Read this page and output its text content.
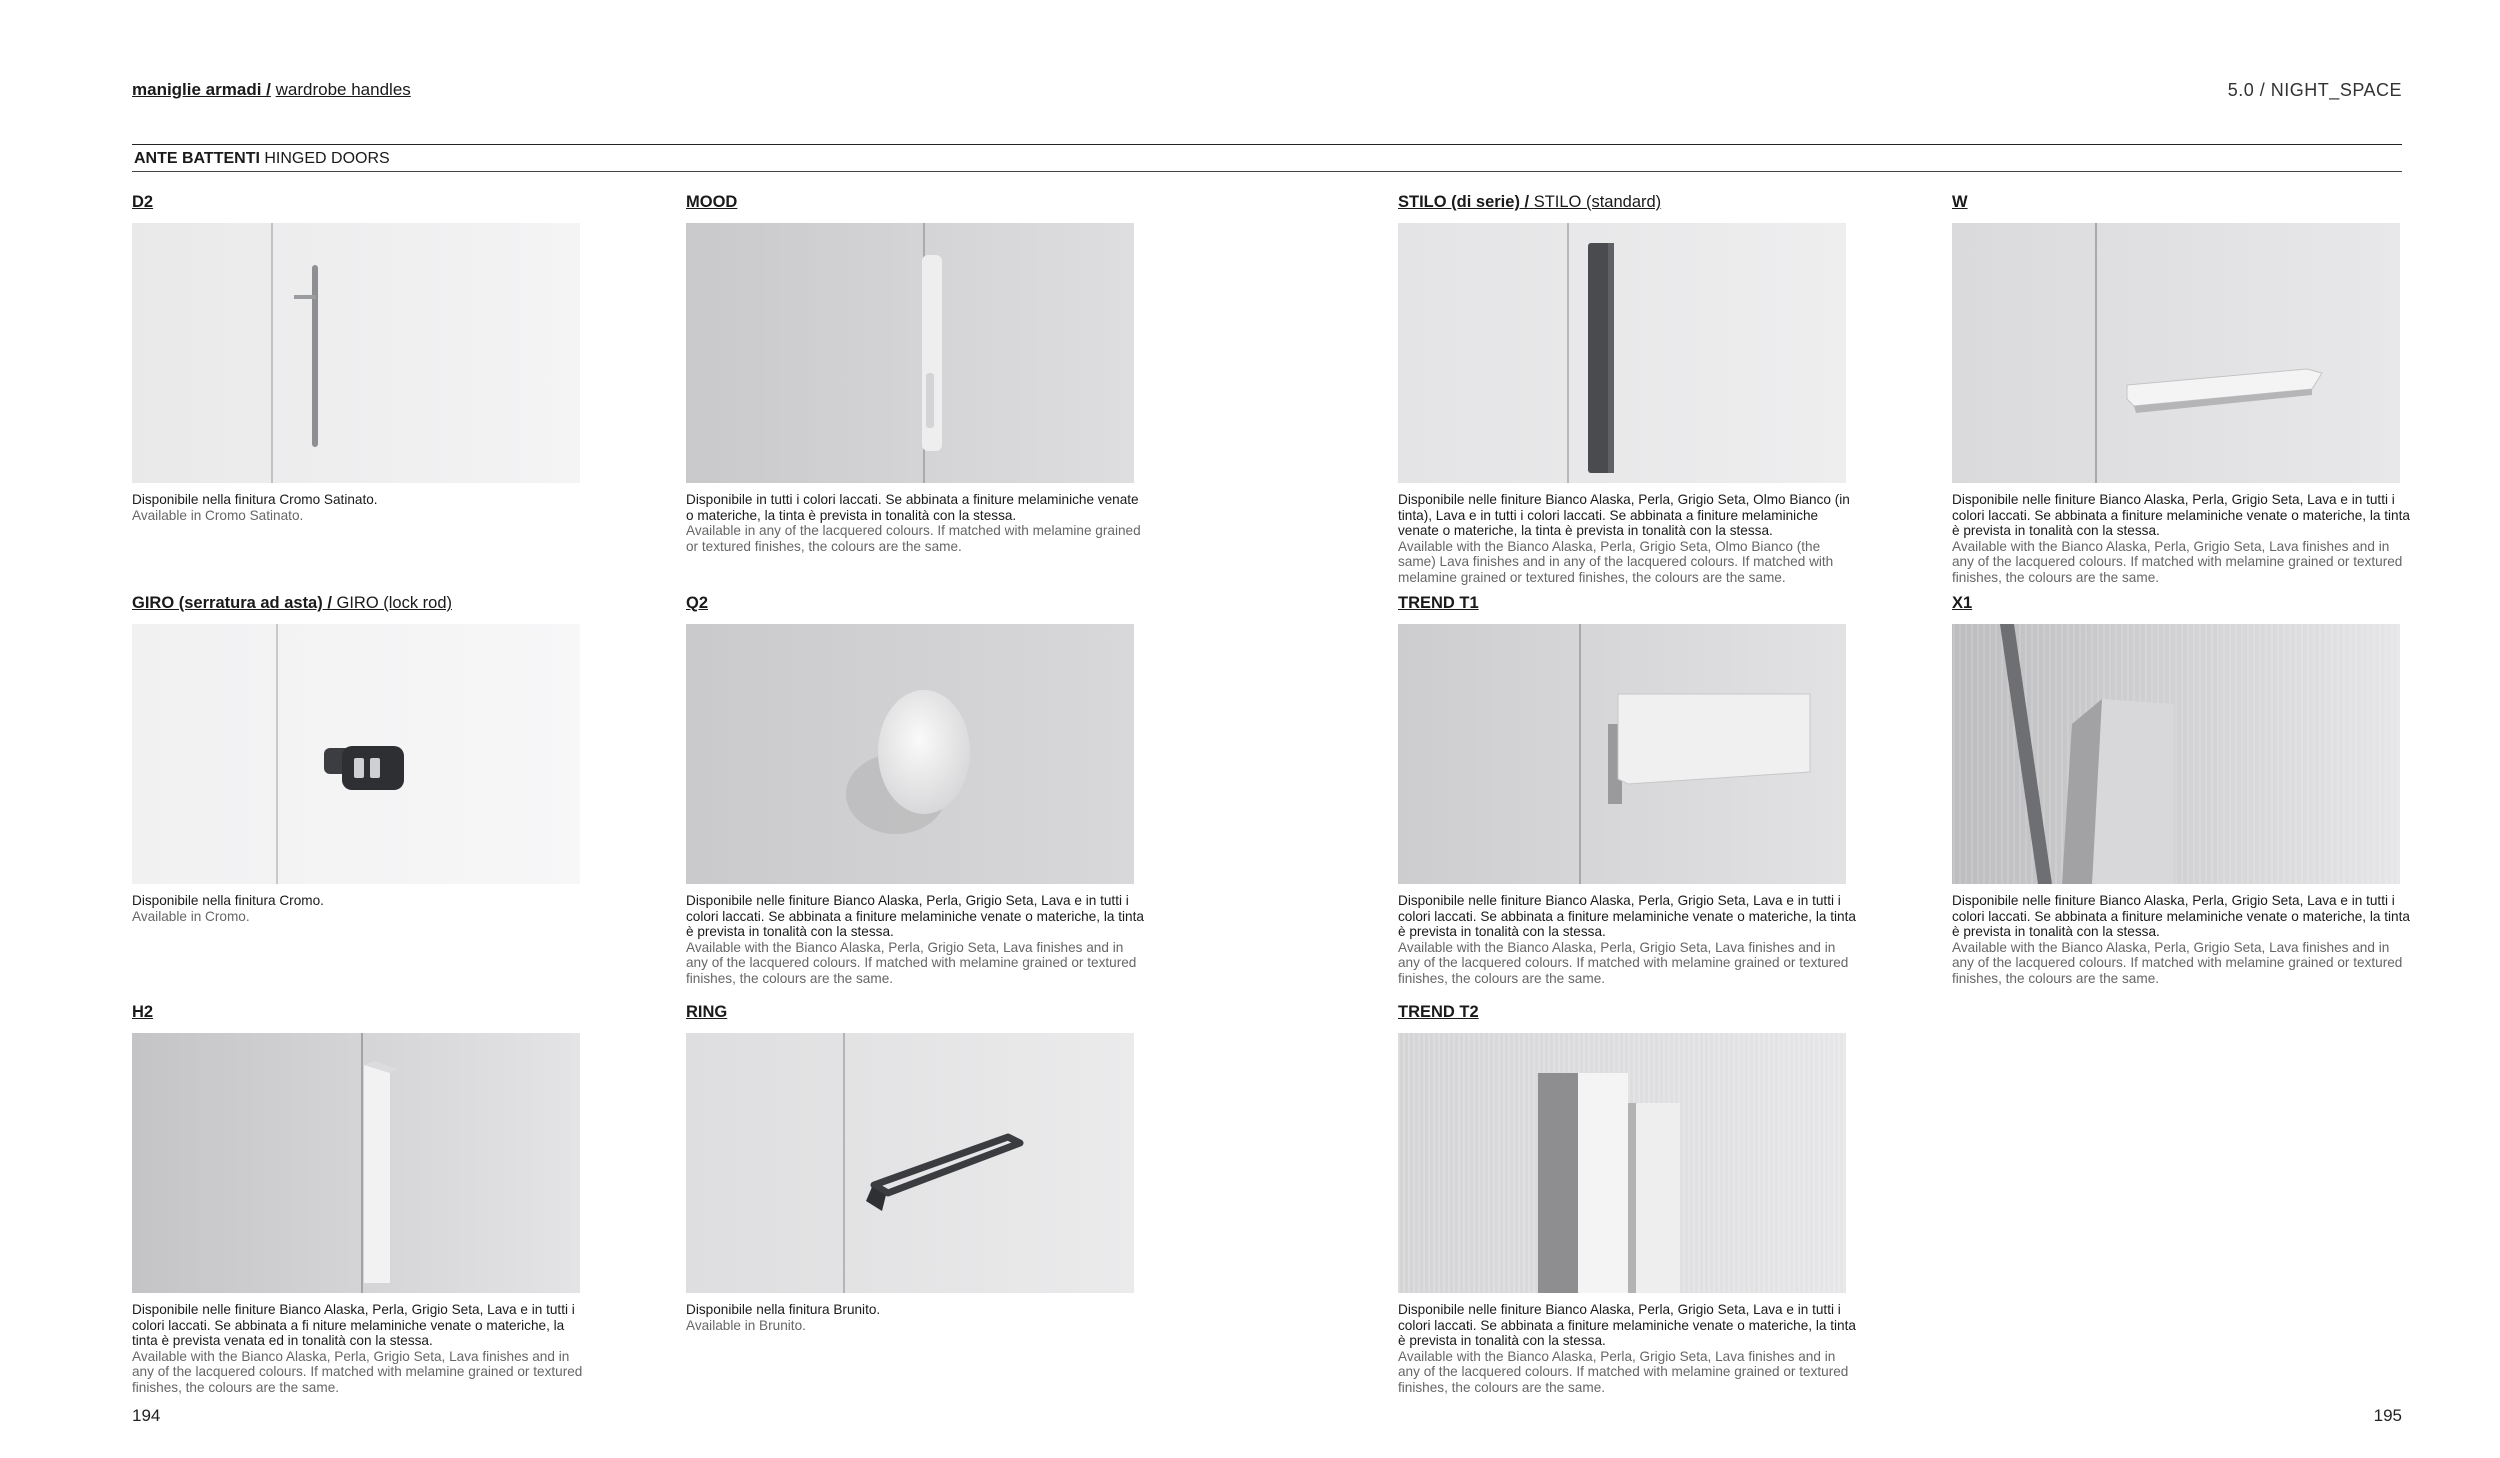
maniglie armadi / wardrobe handles	5.0 / NIGHT_SPACE
ANTE BATTENTI HINGED DOORS
D2
Disponibile nella finitura Cromo Satinato.
Available in Cromo Satinato.
MOOD
Disponibile in tutti i colori laccati. Se abbinata a finiture melaminiche venate o materiche, la tinta è prevista in tonalità con la stessa.
Available in any of the lacquered colours. If matched with melamine grained or textured finishes, the colours are the same.
STILO (di serie) / STILO (standard)
Disponibile nelle finiture Bianco Alaska, Perla, Grigio Seta, Olmo Bianco (in tinta), Lava e in tutti i colori laccati. Se abbinata a finiture melaminiche venate o materiche, la tinta è prevista in tonalità con la stessa.
Available with the Bianco Alaska, Perla, Grigio Seta, Olmo Bianco (the same) Lava finishes and in any of the lacquered colours. If matched with melamine grained or textured finishes, the colours are the same.
W
Disponibile nelle finiture Bianco Alaska, Perla, Grigio Seta, Lava e in tutti i colori laccati. Se abbinata a finiture melaminiche venate o materiche, la tinta è prevista in tonalità con la stessa.
Available with the Bianco Alaska, Perla, Grigio Seta, Lava finishes and in any of the lacquered colours. If matched with melamine grained or textured finishes, the colours are the same.
GIRO (serratura ad asta) / GIRO (lock rod)
Disponibile nella finitura Cromo.
Available in Cromo.
Q2
Disponibile nelle finiture Bianco Alaska, Perla, Grigio Seta, Lava e in tutti i colori laccati. Se abbinata a finiture melaminiche venate o materiche, la tinta è prevista in tonalità con la stessa.
Available with the Bianco Alaska, Perla, Grigio Seta, Lava finishes and in any of the lacquered colours. If matched with melamine grained or textured finishes, the colours are the same.
TREND T1
Disponibile nelle finiture Bianco Alaska, Perla, Grigio Seta, Lava e in tutti i colori laccati. Se abbinata a finiture melaminiche venate o materiche, la tinta è prevista in tonalità con la stessa.
Available with the Bianco Alaska, Perla, Grigio Seta, Lava finishes and in any of the lacquered colours. If matched with melamine grained or textured finishes, the colours are the same.
X1
Disponibile nelle finiture Bianco Alaska, Perla, Grigio Seta, Lava e in tutti i colori laccati. Se abbinata a finiture melaminiche venate o materiche, la tinta è prevista in tonalità con la stessa.
Available with the Bianco Alaska, Perla, Grigio Seta, Lava finishes and in any of the lacquered colours. If matched with melamine grained or textured finishes, the colours are the same.
H2
Disponibile nelle finiture Bianco Alaska, Perla, Grigio Seta, Lava e in tutti i colori laccati. Se abbinata a fi niture melaminiche venate o materiche, la tinta è prevista venata ed in tonalità con la stessa.
Available with the Bianco Alaska, Perla, Grigio Seta, Lava finishes and in any of the lacquered colours. If matched with melamine grained or textured finishes, the colours are the same.
RING
Disponibile nella finitura Brunito.
Available in Brunito.
TREND T2
Disponibile nelle finiture Bianco Alaska, Perla, Grigio Seta, Lava e in tutti i colori laccati. Se abbinata a finiture melaminiche venate o materiche, la tinta è prevista in tonalità con la stessa.
Available with the Bianco Alaska, Perla, Grigio Seta, Lava finishes and in any of the lacquered colours. If matched with melamine grained or textured finishes, the colours are the same.
194	195
